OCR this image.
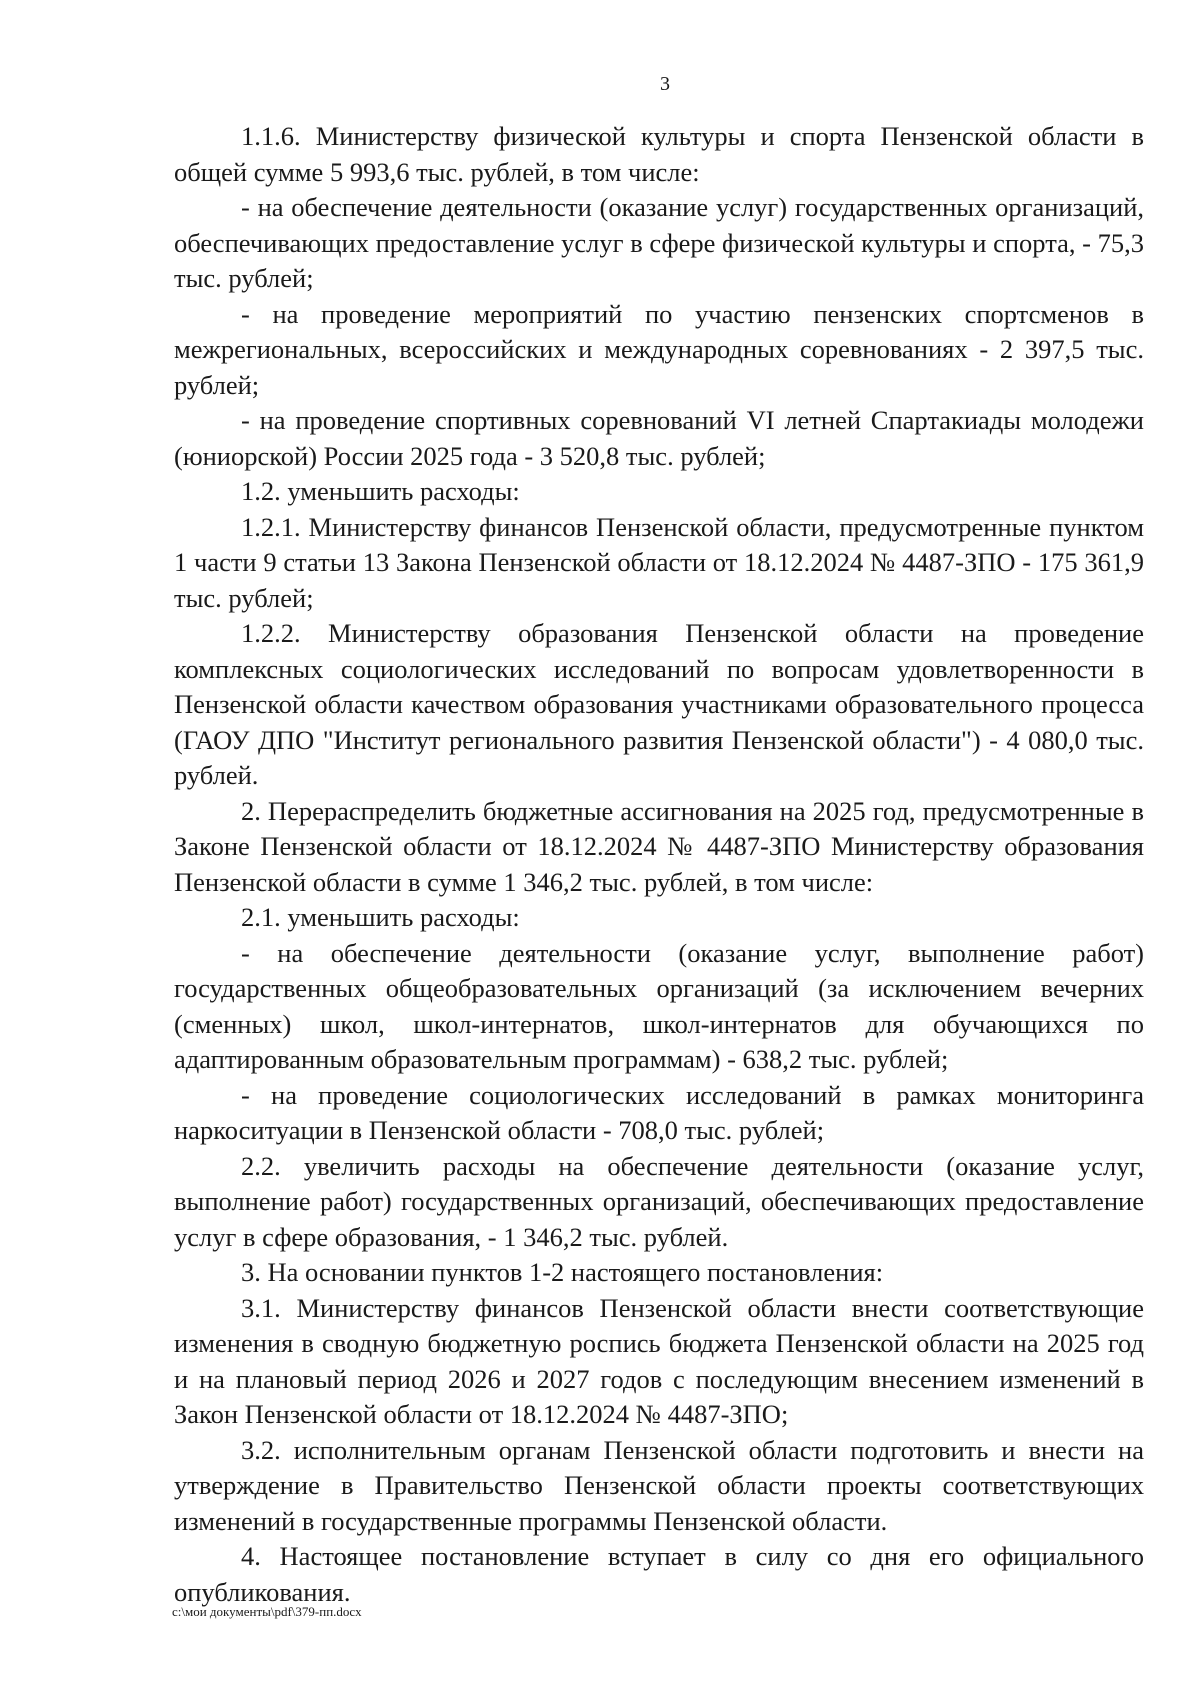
3

1.1.6. Министерству физической культуры и спорта Пензенской области в общей сумме 5 993,6 тыс. рублей, в том числе:

- на обеспечение деятельности (оказание услуг) государственных организаций, обеспечивающих предоставление услуг в сфере физической культуры и спорта, - 75,3 тыс. рублей;

- на проведение мероприятий по участию пензенских спортсменов в межрегиональных, всероссийских и международных соревнованиях - 2 397,5 тыс. рублей;

- на проведение спортивных соревнований VI летней Спартакиады молодежи (юниорской) России 2025 года - 3 520,8 тыс. рублей;

1.2. уменьшить расходы:

1.2.1. Министерству финансов Пензенской области, предусмотренные пунктом 1 части 9 статьи 13 Закона Пензенской области от 18.12.2024 № 4487-ЗПО - 175 361,9 тыс. рублей;

1.2.2. Министерству образования Пензенской области на проведение комплексных социологических исследований по вопросам удовлетворенности в Пензенской области качеством образования участниками образовательного процесса (ГАОУ ДПО "Институт регионального развития Пензенской области") - 4 080,0 тыс. рублей.

2. Перераспределить бюджетные ассигнования на 2025 год, предусмотренные в Законе Пензенской области от 18.12.2024 № 4487-ЗПО Министерству образования Пензенской области в сумме 1 346,2 тыс. рублей, в том числе:

2.1. уменьшить расходы:

- на обеспечение деятельности (оказание услуг, выполнение работ) государственных общеобразовательных организаций (за исключением вечерних (сменных) школ, школ-интернатов, школ-интернатов для обучающихся по адаптированным образовательным программам) - 638,2 тыс. рублей;

- на проведение социологических исследований в рамках мониторинга наркоситуации в Пензенской области - 708,0 тыс. рублей;

2.2. увеличить расходы на обеспечение деятельности (оказание услуг, выполнение работ) государственных организаций, обеспечивающих предоставление услуг в сфере образования, - 1 346,2 тыс. рублей.

3. На основании пунктов 1-2 настоящего постановления:

3.1. Министерству финансов Пензенской области внести соответствующие изменения в сводную бюджетную роспись бюджета Пензенской области на 2025 год и на плановый период 2026 и 2027 годов с последующим внесением изменений в Закон Пензенской области от 18.12.2024 № 4487-ЗПО;

3.2. исполнительным органам Пензенской области подготовить и внести на утверждение в Правительство Пензенской области проекты соответствующих изменений в государственные программы Пензенской области.

4. Настоящее постановление вступает в силу со дня его официального опубликования.

c:\мои документы\pdf\379-пп.docx
